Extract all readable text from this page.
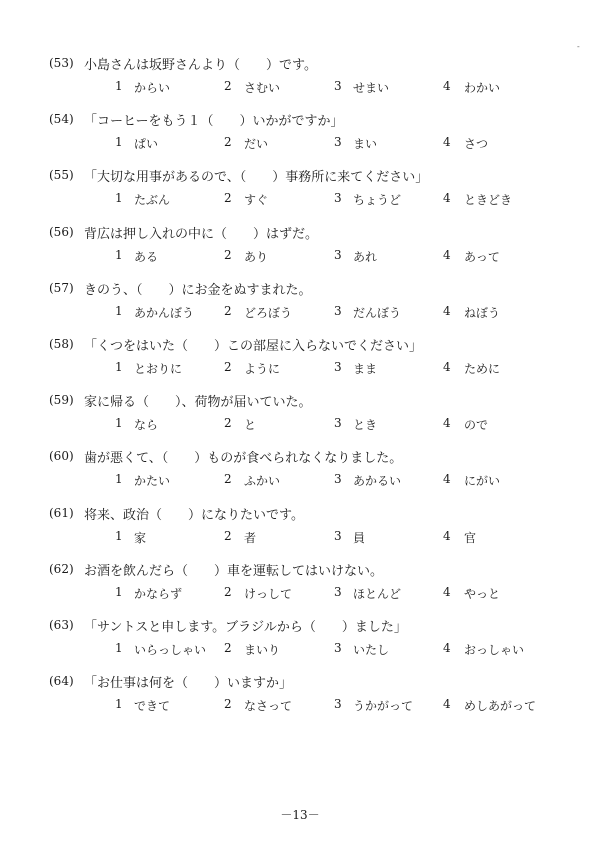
-
(53) 小島さんは坂野さんより（　　）です。
1 からい	2 さむい	3 せまい	4 わかい
(54) 「コーヒーをもう１（　　）いかがですか」
1 ぱい	2 だい	3 まい	4 さつ
(55) 「大切な用事があるので、（　　）事務所に来てください」
1 たぶん	2 すぐ	3 ちょうど	4 ときどき
(56) 背広は押し入れの中に（　　）はずだ。
1 ある	2 あり	3 あれ	4 あって
(57) きのう、（　　）にお金をぬすまれた。
1 あかんぼう 2 どろぼう	3 だんぼう	4 ねぼう
(58) 「くつをはいた（　　）この部屋に入らないでください」
1 とおりに	2 ように	3 まま	4 ために
(59) 家に帰る（　　）、荷物が届いていた。
1 なら	2 と	3 とき	4 ので
(60) 歯が悪くて、（　　）ものが食べられなくなりました。
1 かたい	2 ふかい	3 あかるい	4 にがい
(61) 将来、政治（　　）になりたいです。
1 家	2 者	3 員	4 官
(62) お酒を飲んだら（　　）車を運転してはいけない。
1 かならず	2 けっして	3 ほとんど	4 やっと
(63) 「サントスと申します。ブラジルから（　　）ました」
1 いらっしゃい 2 まいり	3 いたし	4 おっしゃい
(64) 「お仕事は何を（　　）いますか」
1 できて	2 なさって	3 うかがって 4 めしあがって
－13－
